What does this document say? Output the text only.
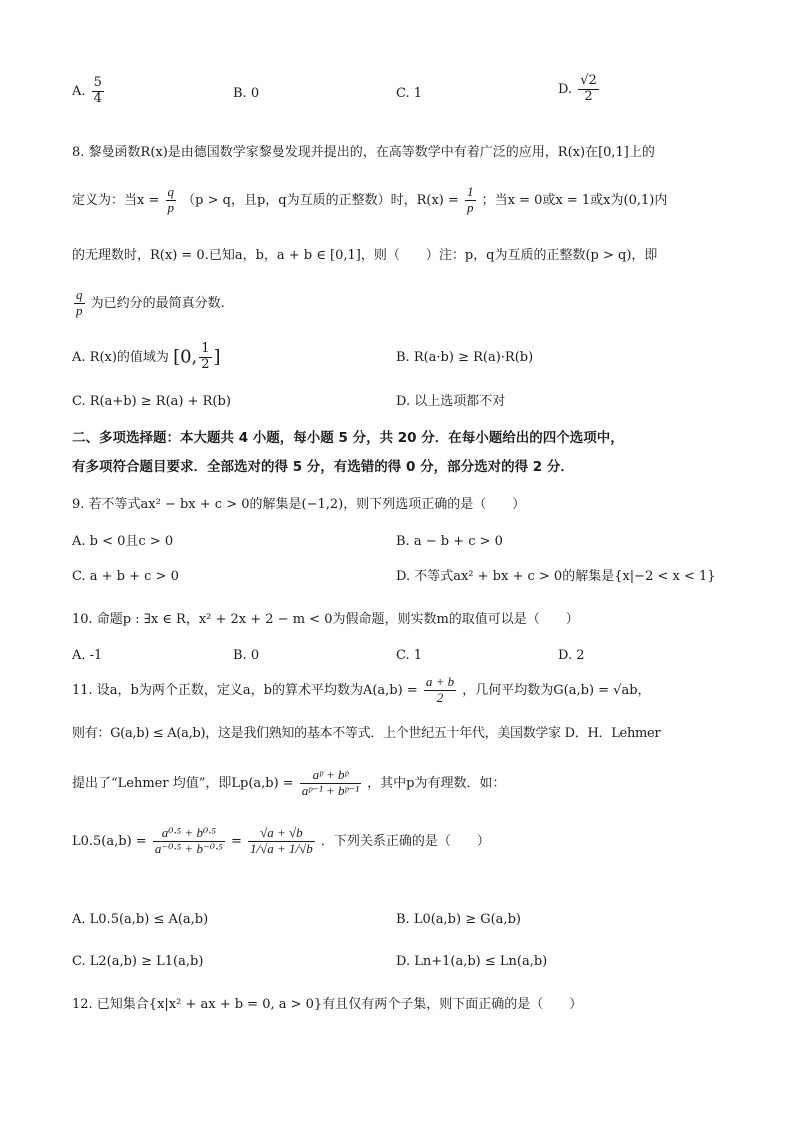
A. $\frac{5}{4}$	B. 0	C. 1	D. $\frac{√2}{2}$
8. 黎曼函数R(x)是由德国数学家黎曼发现并提出的，在高等数学中有着广泛的应用，R(x)在[0,1]上的
定义为：当$x = \frac{q}{p} (p > q$，且p，q为互质的正整数）时，$R(x) = \frac{1}{p}$ ；当x = 0或x = 1或x为(0,1)内
的无理数时，R(x) = 0.已知a，b，a + b ∈ [0,1]，则（　　）注：p，q为互质的正整数(p > q)，即
$\frac{q}{p}$ 为已约分的最简真分数.
A. R(x)的值域为 [0, $\frac{1}{2}$ ]	B. R(a·b) ≥ R(a)·R(b)
C. R(a+b) ≥ R(a) + R(b)	D. 以上选项都不对
二、多项选择题：本大题共 4 小题，每小题 5 分，共 20 分．在每小题给出的四个选项中，
有多项符合题目要求．全部选对的得 5 分，有选错的得 0 分，部分选对的得 2 分．
9. 若不等式ax² − bx + c > 0的解集是(−1,2)，则下列选项正确的是（　　）
A. b < 0且c > 0	B. a − b + c > 0
C. a + b + c > 0	D. 不等式ax² + bx + c > 0的解集是{x|−2 < x < 1}
10. 命题p : ∃x ∈ R，x² + 2x + 2 − m < 0为假命题，则实数m的取值可以是（　　）
A. -1	B. 0	C. 1	D. 2
11. 设a，b为两个正数，定义a，b的算术平均数为$A(a,b) = \frac{a + b}{2}$ ，几何平均数为G(a,b) = √ab，
则有：G(a,b) ≤ A(a,b)，这是我们熟知的基本不等式．上个世纪五十年代，美国数学家 D．H．Lehmer
提出了“Lehmer 均值”，即$Lp(a,b) = \frac{\text{aᵖ + bᵖ}}{\text{aᵖ⁻¹ + bᵖ⁻¹}}$ ，其中p为有理数．如：
$L0.5(a,b) = \frac{\text{a⁰·⁵ + b⁰·⁵}}{\text{a⁻⁰·⁵ + b⁻⁰·⁵}} = \frac{√a + √b}{1/√a + 1/√b}$ ．下列关系正确的是（　　）
A. L0.5(a,b) ≤ A(a,b)	B. L0(a,b) ≥ G(a,b)
C. L2(a,b) ≥ L1(a,b)	D. Ln+1(a,b) ≤ Ln(a,b)
12. 已知集合{x|x² + ax + b = 0, a > 0}有且仅有两个子集，则下面正确的是（　　）
